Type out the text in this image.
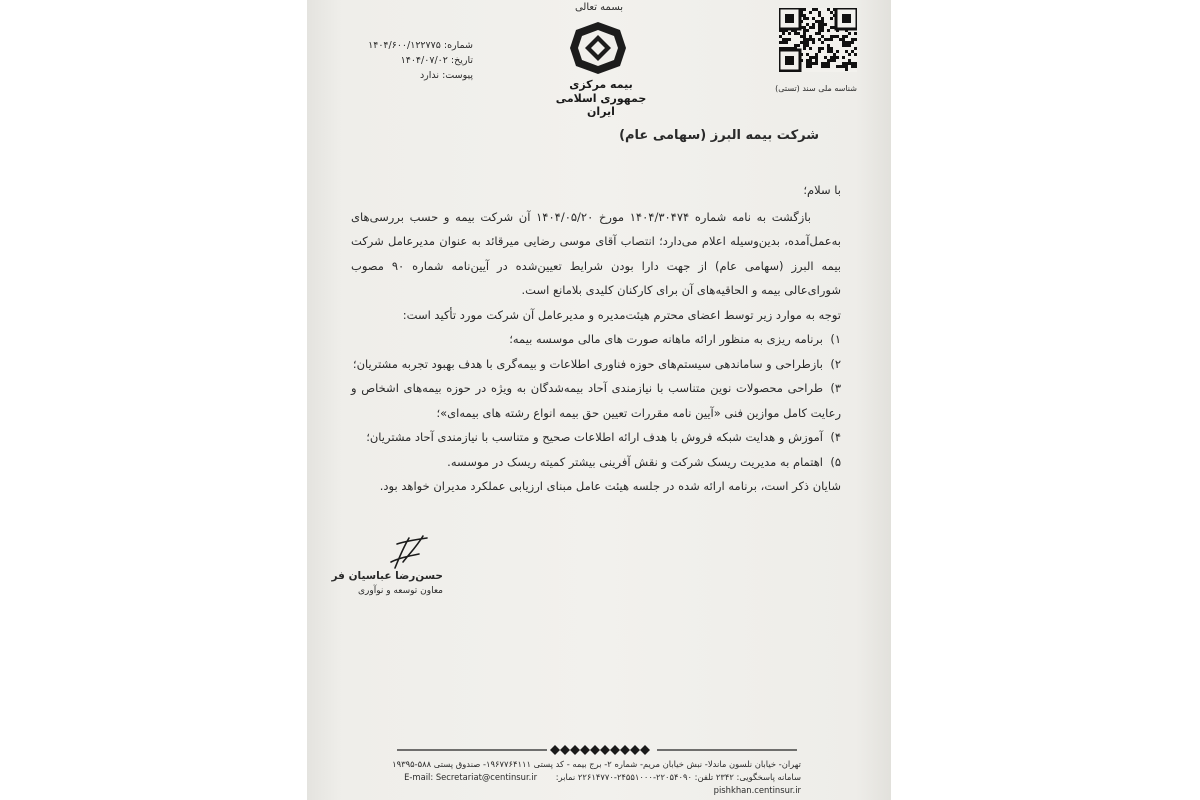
بسمه تعالی
بیمه مرکزی
جمهوری اسلامی ایران
شماره: ۱۴۰۴/۶۰۰/۱۲۲۷۷۵
تاریخ: ۱۴۰۴/۰۷/۰۲
پیوست: ندارد
شناسه ملی سند (تستی)
شرکت بیمه البرز (سهامی عام)

با سلام؛

بازگشت به نامه شماره ۱۴۰۴/۳۰۴۷۴ مورخ ۱۴۰۴/۰۵/۲۰ آن شرکت بیمه و حسب بررسی‌های به‌عمل‌آمده، بدین‌وسیله اعلام می‌دارد؛ انتصاب آقای موسی رضایی میرقائد به عنوان مدیرعامل شرکت بیمه البرز (سهامی عام) از جهت دارا بودن شرایط تعیین‌شده در آیین‌نامه شماره ۹۰ مصوب شورای‌عالی بیمه و الحاقیه‌های آن برای کارکنان کلیدی بلامانع است.

توجه به موارد زیر توسط اعضای محترم هیئت‌مدیره و مدیرعامل آن شرکت مورد تأکید است:

۱)برنامه ریزی به منظور ارائه ماهانه صورت های مالی موسسه بیمه؛
۲)بازطراحی و ساماندهی سیستم‌های حوزه فناوری اطلاعات و بیمه‌گری با هدف بهبود تجربه مشتریان؛
۳)طراحی محصولات نوین متناسب با نیازمندی آحاد بیمه‌شدگان به ویژه در حوزه بیمه‌های اشخاص و رعایت کامل موازین فنی «آیین نامه مقررات تعیین حق بیمه انواع رشته های بیمه‌ای»؛
۴)آموزش و هدایت شبکه فروش با هدف ارائه اطلاعات صحیح و متناسب با نیازمندی آحاد مشتریان؛
۵)اهتمام به مدیریت ریسک شرکت و نقش آفرینی بیشتر کمیته ریسک در موسسه.

شایان ذکر است، برنامه ارائه شده در جلسه هیئت عامل مبنای ارزیابی عملکرد مدیران خواهد بود.

حسن‌رضا عباسیان فر
معاون توسعه و نوآوری
تهران- خیابان نلسون ماندلا- نبش خیابان مریم- شماره ۲- برج بیمه - کد پستی ۱۹۶۷۷۶۴۱۱۱- صندوق پستی ۵۸۸-۱۹۳۹۵
سامانه پاسخگویی: ۲۳۴۲ تلفن: ۲۲۰۵۴۰۹۰-۲۴۵۵۱۰۰۰-۲۲۶۱۴۷۷۰ نمابر: E-mail: Secretariat@centinsur.ir
pishkhan.centinsur.ir
